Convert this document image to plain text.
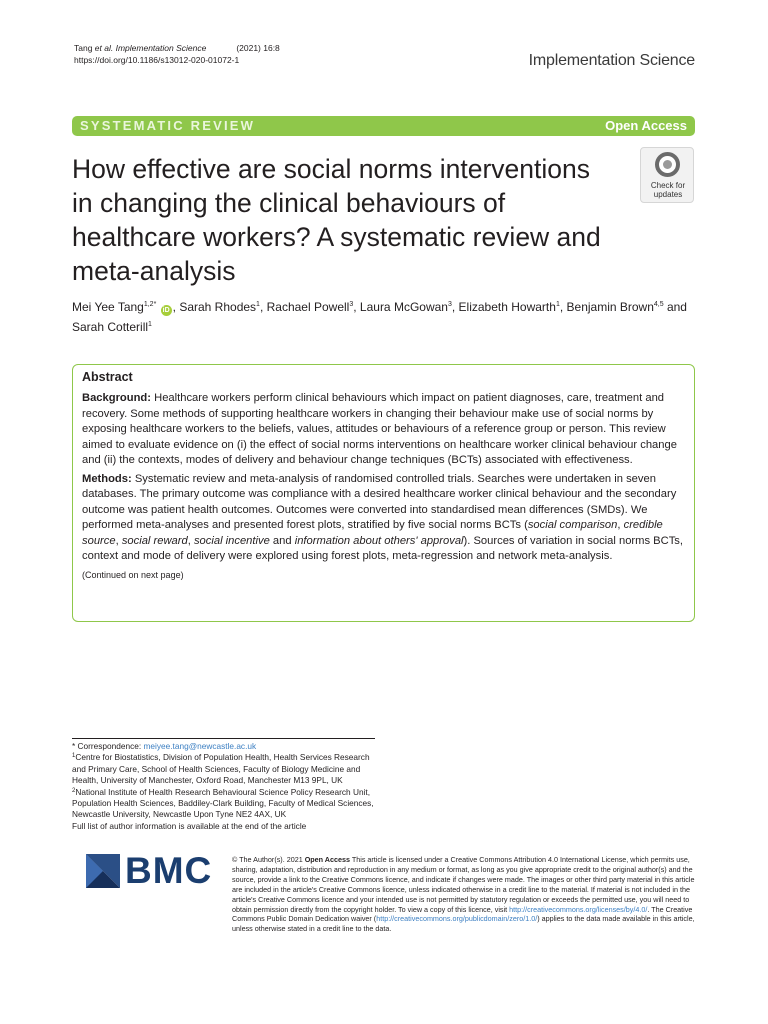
Tang et al. Implementation Science	(2021) 16:8
https://doi.org/10.1186/s13012-020-01072-1	Implementation Science
SYSTEMATIC REVIEW	Open Access
How effective are social norms interventions in changing the clinical behaviours of healthcare workers? A systematic review and meta-analysis
Check for
updates
Mei Yee Tang$^{1,2*}$ iD , Sarah Rhodes$^1$, Rachael Powell$^3$, Laura McGowan$^3$, Elizabeth Howarth$^1$, Benjamin Brown$^{4,5}$ and Sarah Cotterill$^1$
Abstract

Background: Healthcare workers perform clinical behaviours which impact on patient diagnoses, care, treatment and recovery. Some methods of supporting healthcare workers in changing their behaviour make use of social norms by exposing healthcare workers to the beliefs, values, attitudes or behaviours of a reference group or person. This review aimed to evaluate evidence on (i) the effect of social norms interventions on healthcare worker clinical behaviour change and (ii) the contexts, modes of delivery and behaviour change techniques (BCTs) associated with effectiveness.

Methods: Systematic review and meta-analysis of randomised controlled trials. Searches were undertaken in seven databases. The primary outcome was compliance with a desired healthcare worker clinical behaviour and the secondary outcome was patient health outcomes. Outcomes were converted into standardised mean differences (SMDs). We performed meta-analyses and presented forest plots, stratified by five social norms BCTs (social comparison, credible source, social reward, social incentive and information about others' approval). Sources of variation in social norms BCTs, context and mode of delivery were explored using forest plots, meta-regression and network meta-analysis.

(Continued on next page)
* Correspondence: meiyee.tang@newcastle.ac.uk
$^1$Centre for Biostatistics, Division of Population Health, Health Services Research and Primary Care, School of Health Sciences, Faculty of Biology Medicine and Health, University of Manchester, Oxford Road, Manchester M13 9PL, UK
$^2$National Institute of Health Research Behavioural Science Policy Research Unit, Population Health Sciences, Baddiley-Clark Building, Faculty of Medical Sciences, Newcastle University, Newcastle Upon Tyne NE2 4AX, UK
Full list of author information is available at the end of the article
BMC	© The Author(s). 2021 Open Access This article is licensed under a Creative Commons Attribution 4.0 International License, which permits use, sharing, adaptation, distribution and reproduction in any medium or format, as long as you give appropriate credit to the original author(s) and the source, provide a link to the Creative Commons licence, and indicate if changes were made. The images or other third party material in this article are included in the article's Creative Commons licence, unless indicated otherwise in a credit line to the material. If material is not included in the article's Creative Commons licence and your intended use is not permitted by statutory regulation or exceeds the permitted use, you will need to obtain permission directly from the copyright holder. To view a copy of this licence, visit http://creativecommons.org/licenses/by/4.0/. The Creative Commons Public Domain Dedication waiver (http://creativecommons.org/publicdomain/zero/1.0/) applies to the data made available in this article, unless otherwise stated in a credit line to the data.
